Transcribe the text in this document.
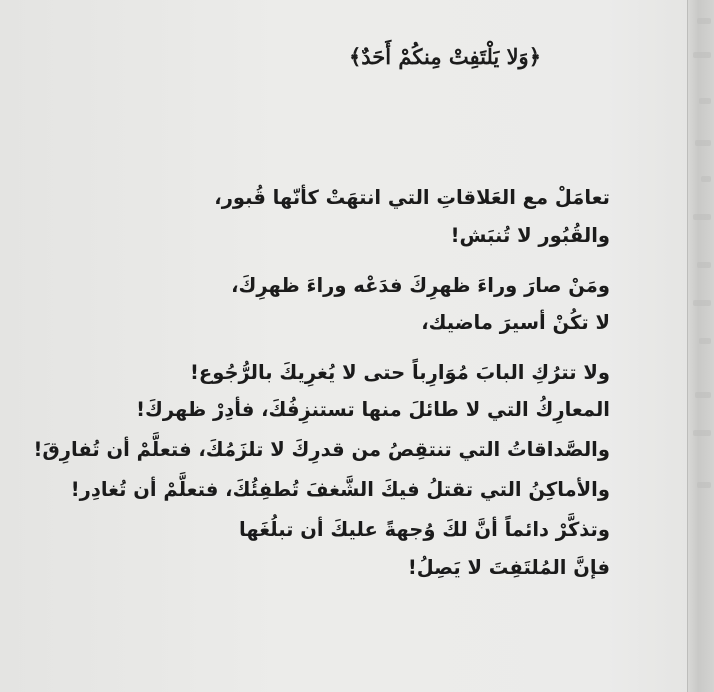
﴿وَلا يَلْتَفِتْ مِنكُمْ أَحَدٌ﴾
تعامَلْ مع العَلاقاتِ التي انتهَتْ كأنّها قُبور،
والقُبُور لا تُنبَش!
ومَنْ صارَ وراءَ ظهرِكَ فدَعْه وراءَ ظهرِكَ،
لا تكُنْ أسيرَ ماضيك،
ولا تترُكِ البابَ مُوَارِباً حتى لا يُغرِيكَ بالرُّجُوع!
المعارِكُ التي لا طائلَ منها تستنزِفُكَ، فأدِرْ ظهركَ!
والصَّداقاتُ التي تنتقِصُ من قدرِكَ لا تلزَمُكَ، فتعلَّمْ أن تُفارِقَ!
والأماكِنُ التي تقتلُ فيكَ الشَّغفَ تُطفِئُكَ، فتعلَّمْ أن تُغادِر!
وتذكَّرْ دائماً أنَّ لكَ وُجهةً عليكَ أن تبلُغَها
فإنَّ المُلتَفِتَ لا يَصِلُ!
